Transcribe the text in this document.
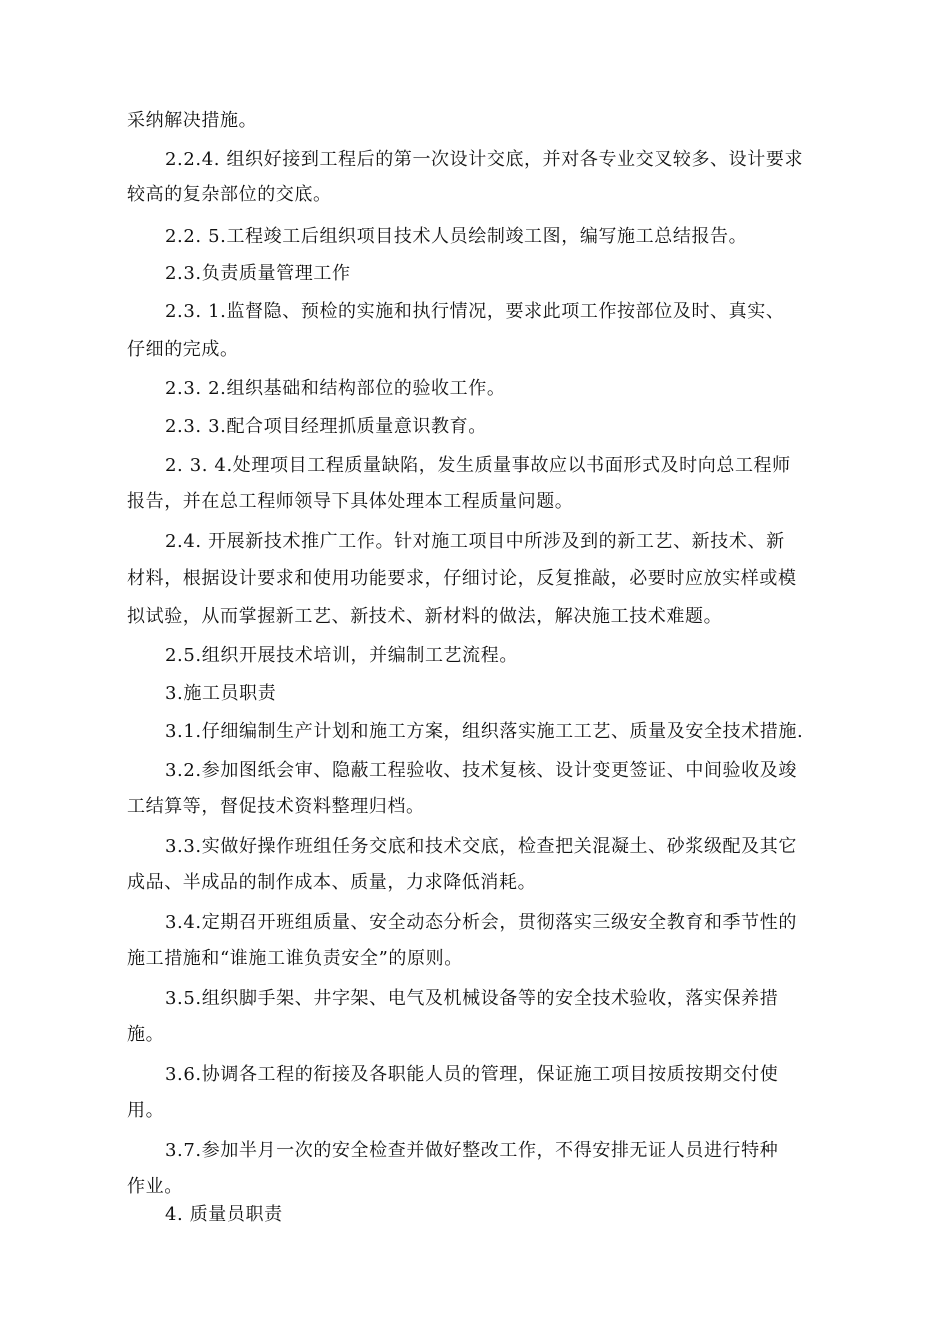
采纳解决措施。
2.2.4. 组织好接到工程后的第一次设计交底，并对各专业交叉较多、设计要求
较高的复杂部位的交底。
2.2. 5.工程竣工后组织项目技术人员绘制竣工图，编写施工总结报告。
2.3.负责质量管理工作
2.3. 1.监督隐、预检的实施和执行情况，要求此项工作按部位及时、真实、
仔细的完成。
2.3. 2.组织基础和结构部位的验收工作。
2.3. 3.配合项目经理抓质量意识教育。
2. 3. 4.处理项目工程质量缺陷，发生质量事故应以书面形式及时向总工程师
报告，并在总工程师领导下具体处理本工程质量问题。
2.4. 开展新技术推广工作。针对施工项目中所涉及到的新工艺、新技术、新
材料，根据设计要求和使用功能要求，仔细讨论，反复推敲，必要时应放实样或模
拟试验，从而掌握新工艺、新技术、新材料的做法，解决施工技术难题。
2.5.组织开展技术培训，并编制工艺流程。
3.施工员职责
3.1.仔细编制生产计划和施工方案，组织落实施工工艺、质量及安全技术措施.
3.2.参加图纸会审、隐蔽工程验收、技术复核、设计变更签证、中间验收及竣
工结算等，督促技术资料整理归档。
3.3.实做好操作班组任务交底和技术交底，检查把关混凝土、砂浆级配及其它
成品、半成品的制作成本、质量，力求降低消耗。
3.4.定期召开班组质量、安全动态分析会，贯彻落实三级安全教育和季节性的
施工措施和“谁施工谁负责安全”的原则。
3.5.组织脚手架、井字架、电气及机械设备等的安全技术验收，落实保养措
施。
3.6.协调各工程的衔接及各职能人员的管理，保证施工项目按质按期交付使
用。
3.7.参加半月一次的安全检查并做好整改工作，不得安排无证人员进行特种
作业。
4. 质量员职责
